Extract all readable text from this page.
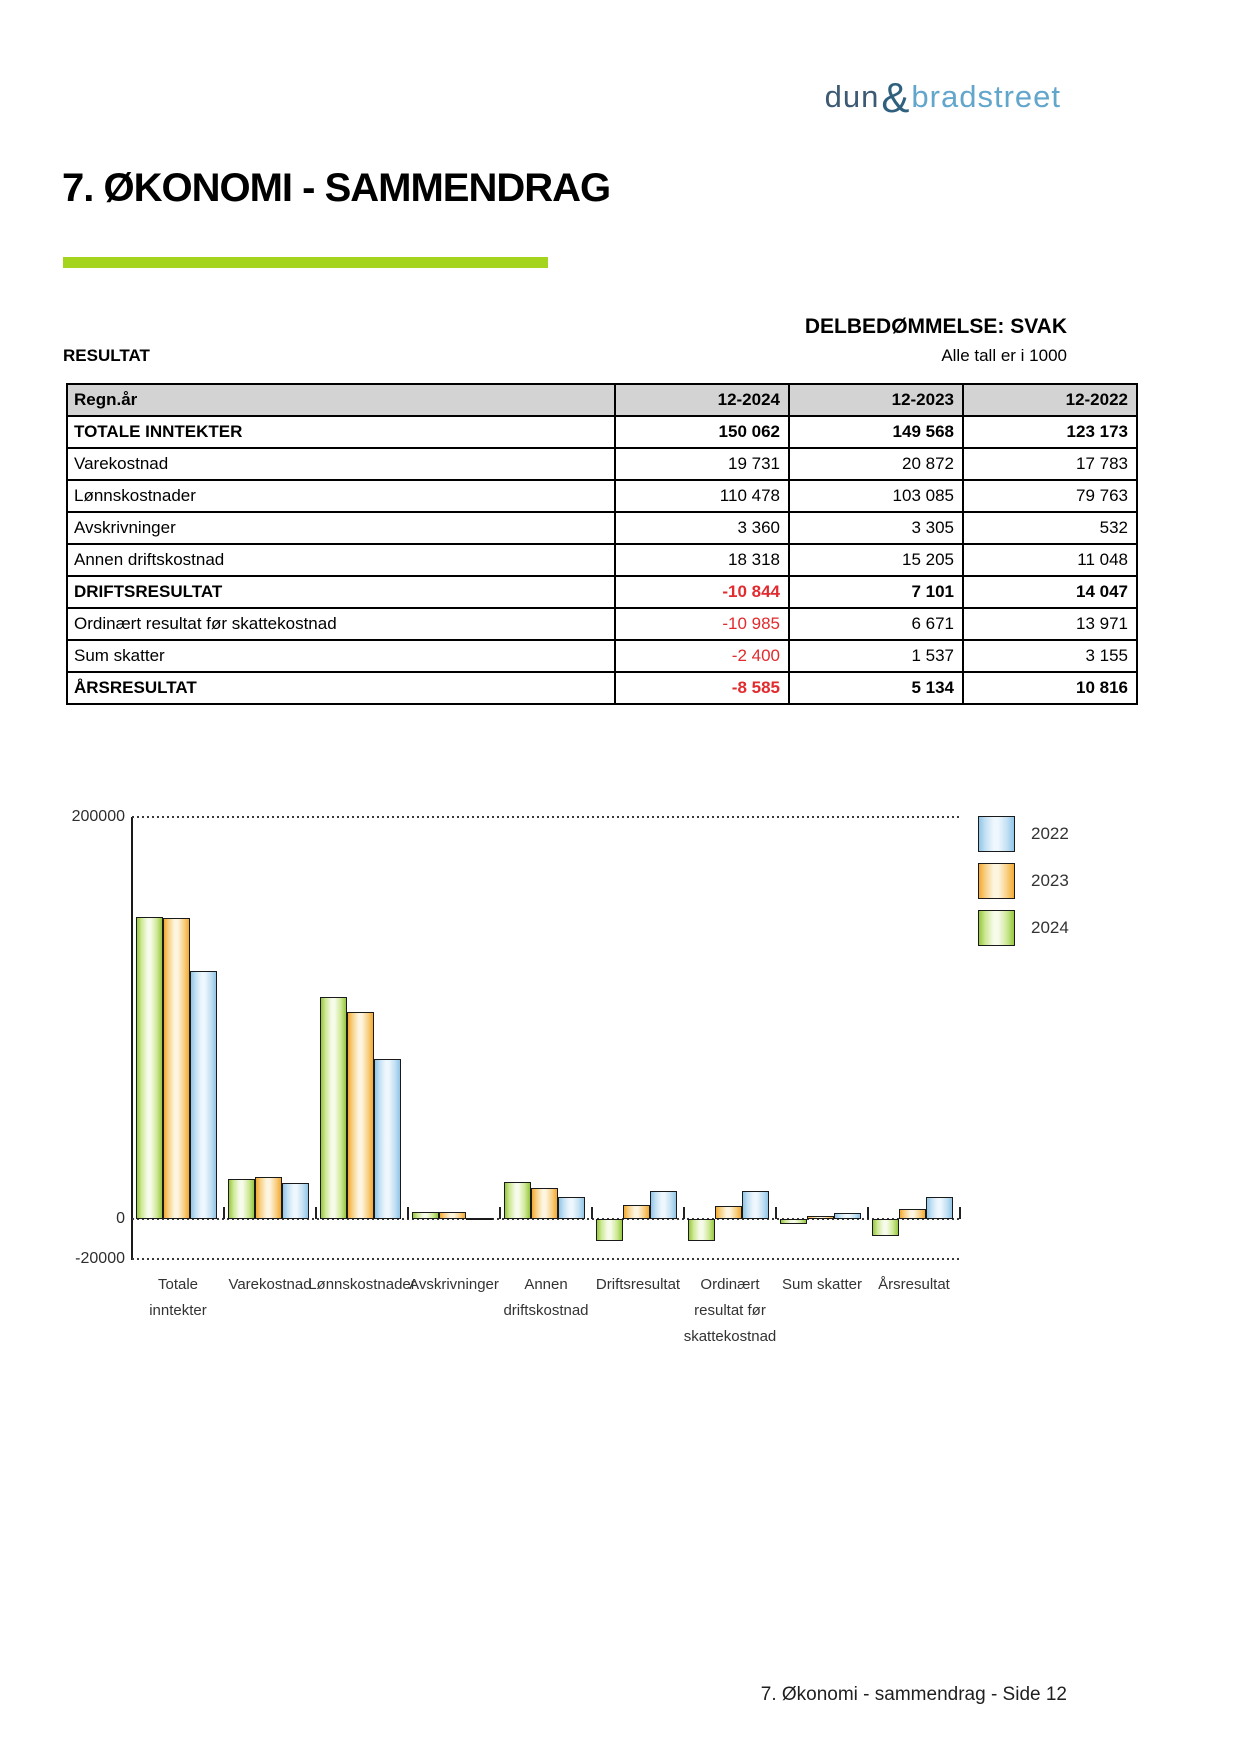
dun&bradstreet
7. ØKONOMI - SAMMENDRAG
DELBEDØMMELSE: SVAK
RESULTAT	Alle tall er i 1000
Regn.år	12-2024	12-2023	12-2022
TOTALE INNTEKTER	150 062	149 568	123 173
Varekostnad	19 731	20 872	17 783
Lønnskostnader	110 478	103 085	79 763
Avskrivninger	3 360	3 305	532
Annen driftskostnad	18 318	15 205	11 048
DRIFTSRESULTAT	-10 844	7 101	14 047
Ordinært resultat før skattekostnad	-10 985	6 671	13 971
Sum skatter	-2 400	1 537	3 155
ÅRSRESULTAT	-8 585	5 134	10 816
200000
0
-20000
Totale
inntekter
Varekostnad
Lønnskostnader
Avskrivninger	Annen
driftskostnad
Driftsresultat	Ordinært
resultat før
skattekostnad
Sum skatter	Årsresultat
2022
2023
2024
7. Økonomi - sammendrag - Side 12
